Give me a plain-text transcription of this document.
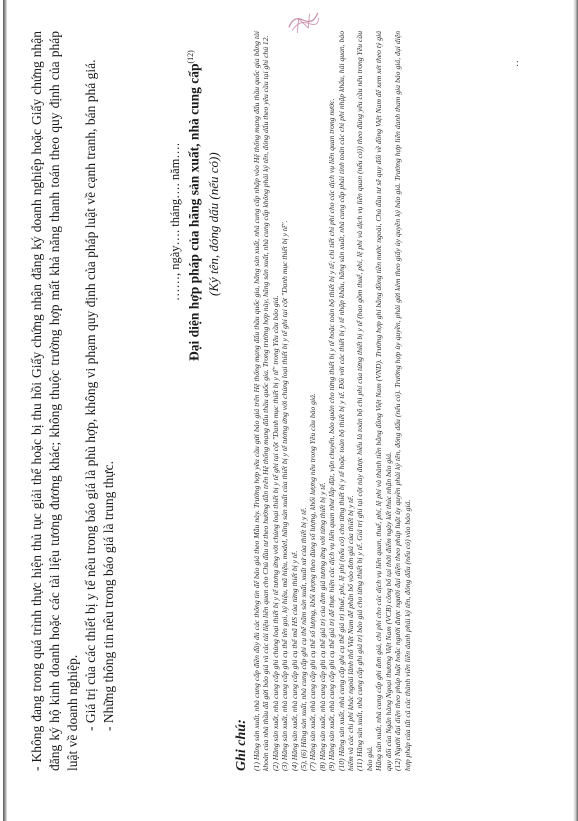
:

- Không đang trong quá trình thực hiện thủ tục giải thể hoặc bị thu hồi Giấy chứng nhận đăng ký doanh nghiệp hoặc Giấy chứng nhận đăng ký hộ kinh doanh hoặc các tài liệu tương đương khác; không thuộc trường hợp mất khả năng thanh toán theo quy định của pháp luật về doanh nghiệp. - Giá trị của các thiết bị y tế nêu trong báo giá là phù hợp, không vi phạm quy định của pháp luật về cạnh tranh, bán phá giá. - Những thông tin nêu trong báo giá là trung thực.

……, ngày…. tháng…. năm…. Đại diện hợp pháp của hãng sản xuất, nhà cung cấp$^{(12)}$
(Ký tên, đóng dấu (nếu có))
Ghi chú: (1) Hãng sản xuất, nhà cung cấp điền đầy đủ các thông tin để báo giá theo Mẫu này. Trường hợp yêu cầu gửi báo giá trên Hệ thống mạng đấu thầu quốc gia, hãng sản xuất, nhà cung cấp nhập vào Hệ thống mạng đấu thầu quốc gia bằng tài khoản của nhà thầu đã gửi báo giá và các tài liệu liên quan cho Chủ đầu tư theo hướng dẫn trên Hệ thống mạng đấu thầu quốc gia. Trong trường hợp này, hãng sản xuất, nhà cung cấp không phải ký tên, đóng dấu theo yêu cầu tại ghi chú 12. (2) Hãng sản xuất, nhà cung cấp ghi chủng loại thiết bị y tế tương ứng với chủng loại thiết bị y tế ghi tại cột "Danh mục thiết bị y tế" trong Yêu cầu báo giá. (3) Hãng sản xuất, nhà cung cấp ghi cụ thể tên gọi, ký hiệu, mã hiệu, model, hãng sản xuất của thiết bị y tế tương ứng với chủng loại thiết bị y tế ghi tại cột "Danh mục thiết bị y tế". (4) Hãng sản xuất, nhà cung cấp ghi cụ thể mã HS của từng thiết bị y tế. (5), (6) Hãng sản xuất, nhà cung cấp ghi cụ thể năm sản xuất, xuất xứ của thiết bị y tế. (7) Hãng sản xuất, nhà cung cấp ghi cụ thể số lượng, khối lượng theo đúng số lượng, khối lượng nêu trong Yêu cầu báo giá. (8) Hãng sản xuất, nhà cung cấp ghi cụ thể giá trị của đơn giá tương ứng với từng thiết bị y tế. (9) Hãng sản xuất, nhà cung cấp ghi cụ thể giá trị để thực hiện các dịch vụ liên quan như lắp đặt, vận chuyển, bảo quản cho từng thiết bị y tế hoặc toàn bộ thiết bị y tế; chi tiết chi phí cho các dịch vụ liên quan trong nước. (10) Hãng sản xuất, nhà cung cấp ghi cụ thể giá trị thuế, phí, lệ phí (nếu có) cho từng thiết bị y tế hoặc toàn bộ thiết bị y tế. Đối với các thiết bị y tế nhập khẩu, hãng sản xuất, nhà cung cấp phải tính toán các chi phí nhập khẩu, hải quan, bảo hiểm và các chi phí khác ngoài lãnh thổ Việt Nam để phân bổ vào đơn giá của thiết bị y tế. (11) Hãng sản xuất, nhà cung cấp ghi giá trị báo giá cho từng thiết bị y tế. Giá trị ghi tại cột này được hiểu là toàn bộ chi phí của từng thiết bị y tế (bao gồm thuế, phí, lệ phí và dịch vụ liên quan (nếu có)) theo đúng yêu cầu nêu trong Yêu cầu báo giá. Hãng sản xuất, nhà cung cấp ghi đơn giá, chi phí cho các dịch vụ liên quan, thuế, phí, lệ phí và thành tiền bằng đồng Việt Nam (VND). Trường hợp ghi bằng đồng tiền nước ngoài, Chủ đầu tư sẽ quy đổi về đồng Việt Nam để xem xét theo tỷ giá quy đổi của Ngân hàng Ngoại thương Việt Nam (VCB) công bố tại thời điểm ngày kết thúc nhận báo giá. (12) Người đại diện theo pháp luật hoặc người được người đại diện theo pháp luật ủy quyền phải ký tên, đóng dấu (nếu có). Trường hợp ủy quyền, phải gửi kèm theo giấy ủy quyền ký báo giá. Trường hợp liên danh tham gia báo giá, đại diện hợp pháp của tất cả các thành viên liên danh phải ký tên, đóng dấu (nếu có) vào báo giá.
